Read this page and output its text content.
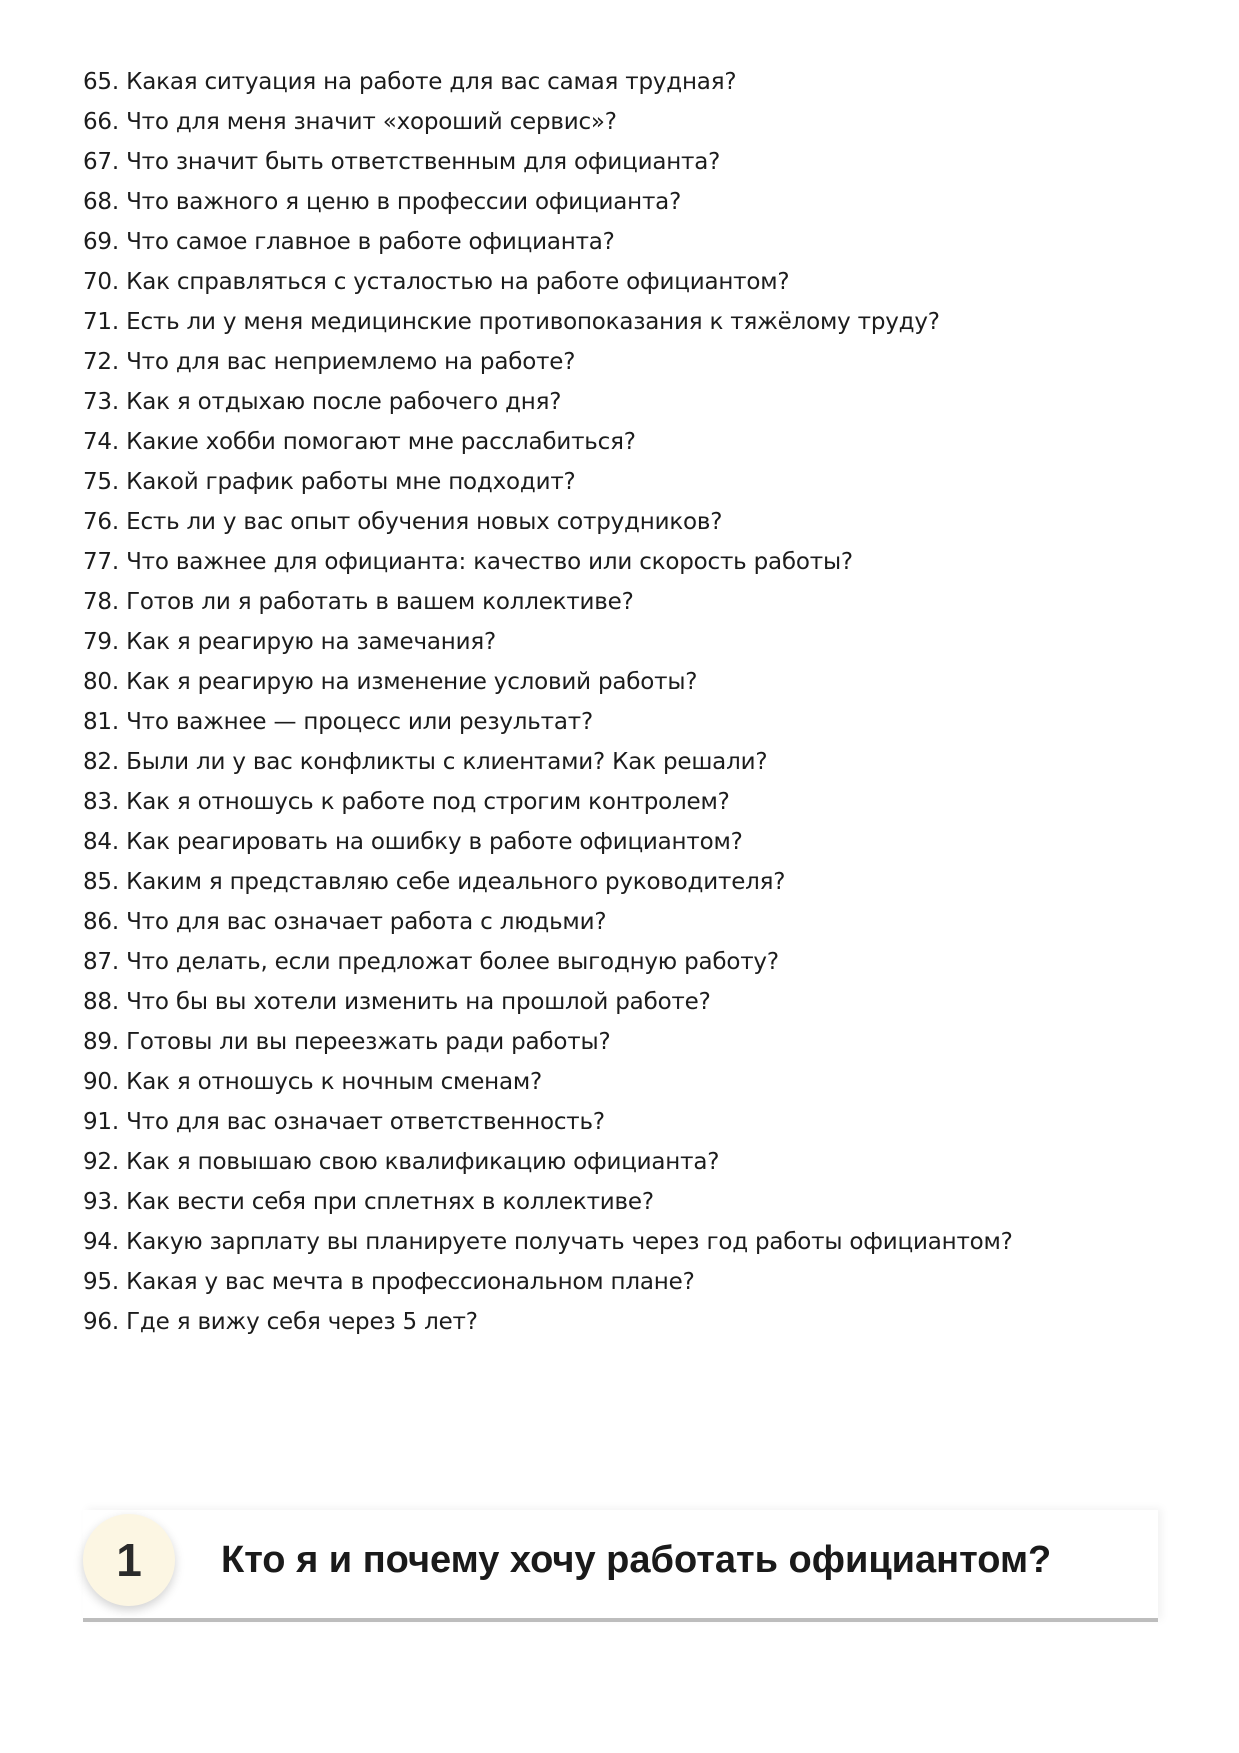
65. Какая ситуация на работе для вас самая трудная?
66. Что для меня значит «хороший сервис»?
67. Что значит быть ответственным для официанта?
68. Что важного я ценю в профессии официанта?
69. Что самое главное в работе официанта?
70. Как справляться с усталостью на работе официантом?
71. Есть ли у меня медицинские противопоказания к тяжёлому труду?
72. Что для вас неприемлемо на работе?
73. Как я отдыхаю после рабочего дня?
74. Какие хобби помогают мне расслабиться?
75. Какой график работы мне подходит?
76. Есть ли у вас опыт обучения новых сотрудников?
77. Что важнее для официанта: качество или скорость работы?
78. Готов ли я работать в вашем коллективе?
79. Как я реагирую на замечания?
80. Как я реагирую на изменение условий работы?
81. Что важнее — процесс или результат?
82. Были ли у вас конфликты с клиентами? Как решали?
83. Как я отношусь к работе под строгим контролем?
84. Как реагировать на ошибку в работе официантом?
85. Каким я представляю себе идеального руководителя?
86. Что для вас означает работа с людьми?
87. Что делать, если предложат более выгодную работу?
88. Что бы вы хотели изменить на прошлой работе?
89. Готовы ли вы переезжать ради работы?
90. Как я отношусь к ночным сменам?
91. Что для вас означает ответственность?
92. Как я повышаю свою квалификацию официанта?
93. Как вести себя при сплетнях в коллективе?
94. Какую зарплату вы планируете получать через год работы официантом?
95. Какая у вас мечта в профессиональном плане?
96. Где я вижу себя через 5 лет?
1	Кто я и почему хочу работать официантом?
